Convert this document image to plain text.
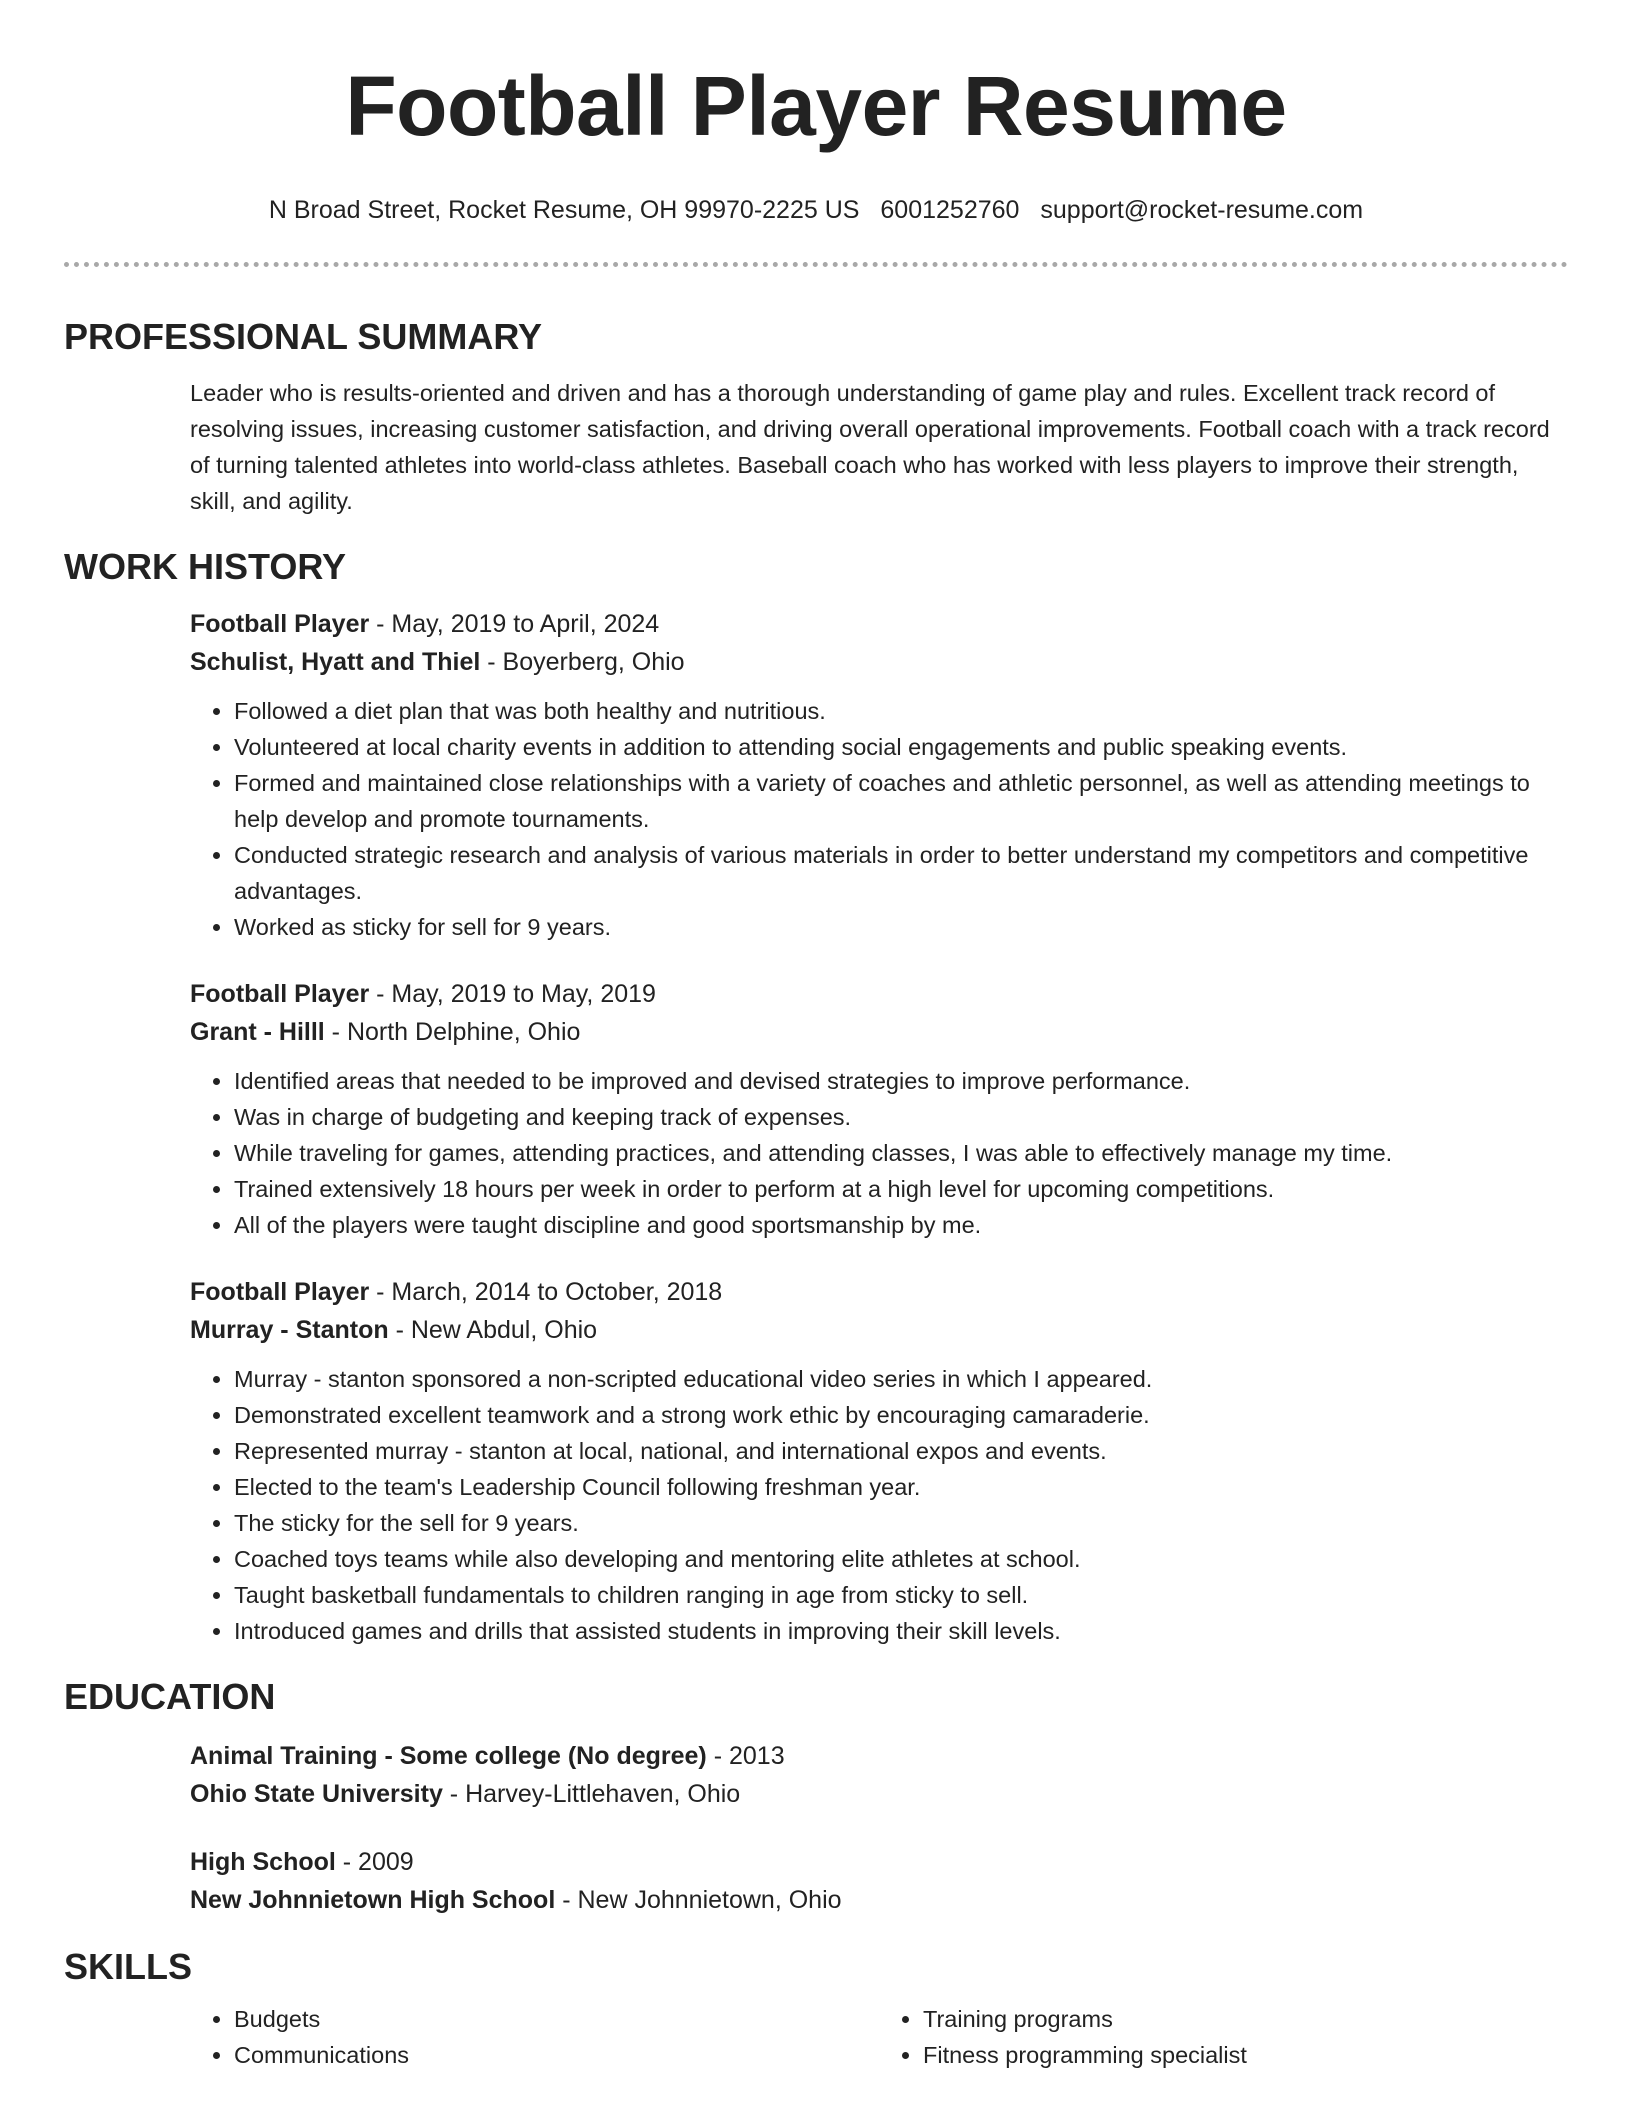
Football Player Resume
N Broad Street, Rocket Resume, OH 99970-2225 US 6001252760 support@rocket-resume.com
PROFESSIONAL SUMMARY
Leader who is results-oriented and driven and has a thorough understanding of game play and rules. Excellent track record of resolving issues, increasing customer satisfaction, and driving overall operational improvements. Football coach with a track record of turning talented athletes into world-class athletes. Baseball coach who has worked with less players to improve their strength, skill, and agility.
WORK HISTORY
Football Player - May, 2019 to April, 2024
Schulist, Hyatt and Thiel - Boyerberg, Ohio
• Followed a diet plan that was both healthy and nutritious.
• Volunteered at local charity events in addition to attending social engagements and public speaking events.
• Formed and maintained close relationships with a variety of coaches and athletic personnel, as well as attending meetings to help develop and promote tournaments.
• Conducted strategic research and analysis of various materials in order to better understand my competitors and competitive advantages.
• Worked as sticky for sell for 9 years.
Football Player - May, 2019 to May, 2019
Grant - Hilll - North Delphine, Ohio
• Identified areas that needed to be improved and devised strategies to improve performance.
• Was in charge of budgeting and keeping track of expenses.
• While traveling for games, attending practices, and attending classes, I was able to effectively manage my time.
• Trained extensively 18 hours per week in order to perform at a high level for upcoming competitions.
• All of the players were taught discipline and good sportsmanship by me.
Football Player - March, 2014 to October, 2018
Murray - Stanton - New Abdul, Ohio
• Murray - stanton sponsored a non-scripted educational video series in which I appeared.
• Demonstrated excellent teamwork and a strong work ethic by encouraging camaraderie.
• Represented murray - stanton at local, national, and international expos and events.
• Elected to the team's Leadership Council following freshman year.
• The sticky for the sell for 9 years.
• Coached toys teams while also developing and mentoring elite athletes at school.
• Taught basketball fundamentals to children ranging in age from sticky to sell.
• Introduced games and drills that assisted students in improving their skill levels.
EDUCATION
Animal Training - Some college (No degree) - 2013
Ohio State University - Harvey-Littlehaven, Ohio
High School - 2009
New Johnnietown High School - New Johnnietown, Ohio
SKILLS
• Budgets
• Communications
• Training programs
• Fitness programming specialist
